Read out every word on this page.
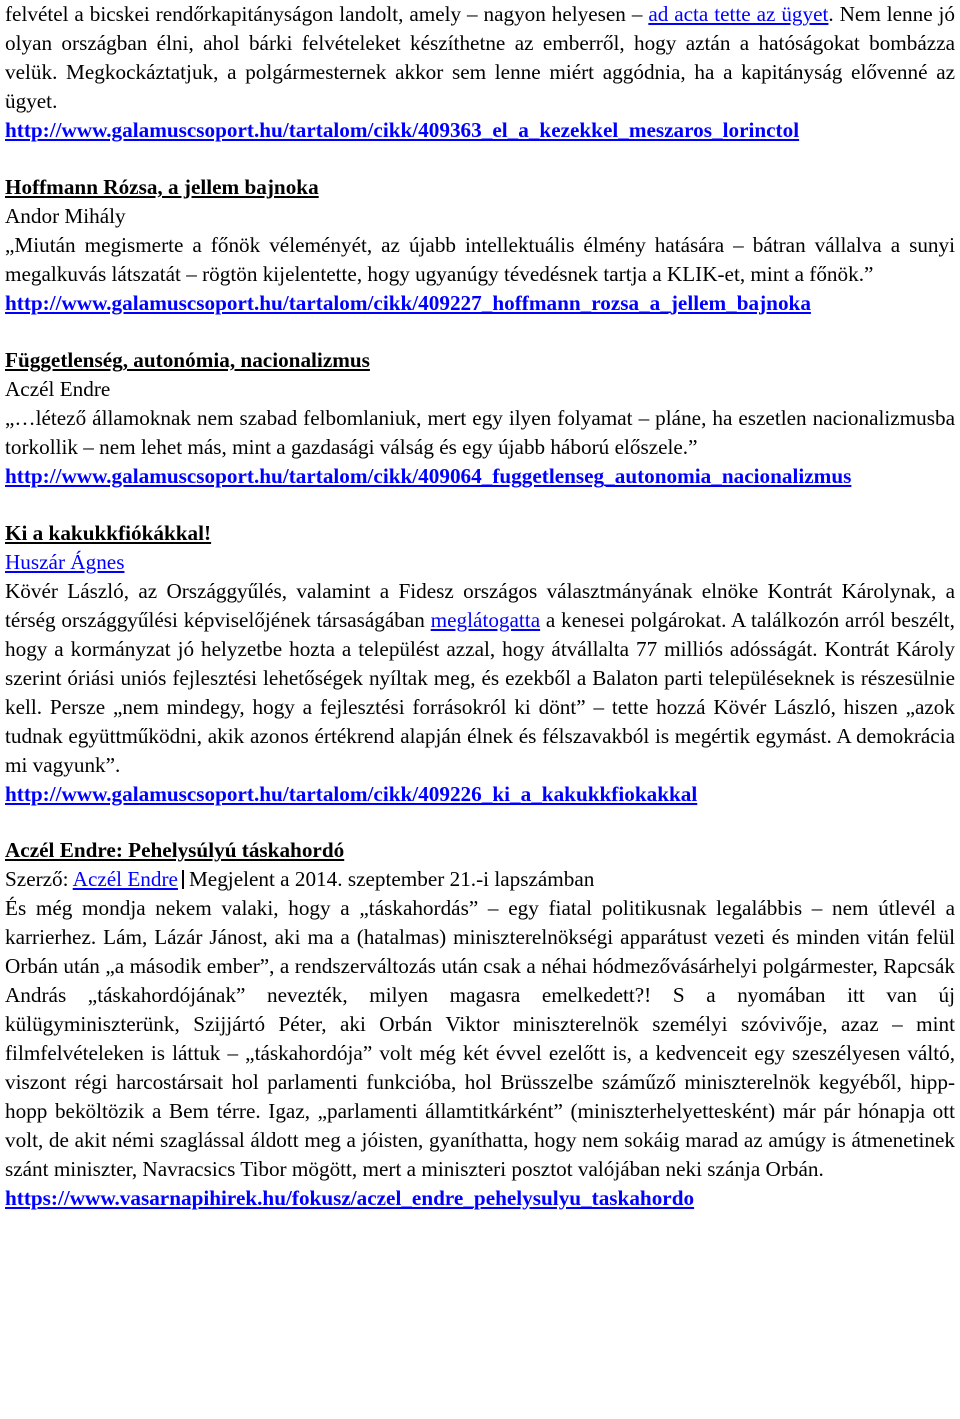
felvétel a bicskei rendőrkapitányságon landolt, amely – nagyon helyesen – ad acta tette az ügyet. Nem lenne jó olyan országban élni, ahol bárki felvételeket készíthetne az emberről, hogy aztán a hatóságokat bombázza velük. Megkockáztatjuk, a polgármesternek akkor sem lenne miért aggódnia, ha a kapitányság elővenné az ügyet.

http://www.galamuscsoport.hu/tartalom/cikk/409363_el_a_kezekkel_meszaros_lorinctol

Hoffmann Rózsa, a jellem bajnoka

Andor Mihály

„Miután megismerte a főnök véleményét, az újabb intellektuális élmény hatására – bátran vállalva a sunyi megalkuvás látszatát – rögtön kijelentette, hogy ugyanúgy tévedésnek tartja a KLIK-et, mint a főnök.”

http://www.galamuscsoport.hu/tartalom/cikk/409227_hoffmann_rozsa_a_jellem_bajnoka

Függetlenség, autonómia, nacionalizmus

Aczél Endre

„…létező államoknak nem szabad felbomlaniuk, mert egy ilyen folyamat – pláne, ha eszetlen nacionalizmusba torkollik – nem lehet más, mint a gazdasági válság és egy újabb háború előszele.”

http://www.galamuscsoport.hu/tartalom/cikk/409064_fuggetlenseg_autonomia_nacionalizmus

Ki a kakukkfiókákkal!

Huszár Ágnes

Kövér László, az Országgyűlés, valamint a Fidesz országos választmányának elnöke Kontrát Károlynak, a térség országgyűlési képviselőjének társaságában meglátogatta a kenesei polgárokat. A találkozón arról beszélt, hogy a kormányzat jó helyzetbe hozta a települést azzal, hogy átvállalta 77 milliós adósságát. Kontrát Károly szerint óriási uniós fejlesztési lehetőségek nyíltak meg, és ezekből a Balaton parti településeknek is részesülnie kell. Persze „nem mindegy, hogy a fejlesztési forrásokról ki dönt” – tette hozzá Kövér László, hiszen „azok tudnak együttműködni, akik azonos értékrend alapján élnek és félszavakból is megértik egymást. A demokrácia mi vagyunk”.

http://www.galamuscsoport.hu/tartalom/cikk/409226_ki_a_kakukkfiokakkal

Aczél Endre: Pehelysúlyú táskahordó

Szerző: Aczél Endre Megjelent a 2014. szeptember 21.-i lapszámban

És még mondja nekem valaki, hogy a „táskahordás” – egy fiatal politikusnak legalábbis – nem útlevél a karrierhez. Lám, Lázár Jánost, aki ma a (hatalmas) miniszterelnökségi apparátust vezeti és minden vitán felül Orbán után „a második ember”, a rendszerváltozás után csak a néhai hódmezővásárhelyi polgármester, Rapcsák András „táskahordójának” nevezték, milyen magasra emelkedett?! S a nyomában itt van új külügyminiszterünk, Szijjártó Péter, aki Orbán Viktor miniszterelnök személyi szóvivője, azaz – mint filmfelvételeken is láttuk – „táskahordója” volt még két évvel ezelőtt is, a kedvenceit egy szeszélyesen váltó, viszont régi harcostársait hol parlamenti funkcióba, hol Brüsszelbe száműző miniszterelnök kegyéből, hipp-hopp beköltözik a Bem térre. Igaz, „parlamenti államtitkárként” (miniszterhelyettesként) már pár hónapja ott volt, de akit némi szaglással áldott meg a jóisten, gyaníthatta, hogy nem sokáig marad az amúgy is átmenetinek szánt miniszter, Navracsics Tibor mögött, mert a miniszteri posztot valójában neki szánja Orbán.

https://www.vasarnapihirek.hu/fokusz/aczel_endre_pehelysulyu_taskahordo
